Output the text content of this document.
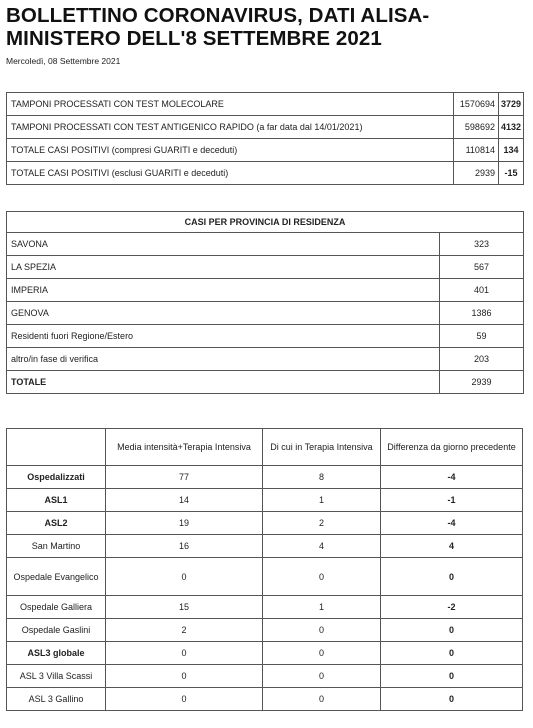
BOLLETTINO CORONAVIRUS, DATI ALISA-
MINISTERO DELL'8 SETTEMBRE 2021
Mercoledì, 08 Settembre 2021
TAMPONI PROCESSATI CON TEST MOLECOLARE	1570694	3729
TAMPONI PROCESSATI CON TEST ANTIGENICO RAPIDO (a far data dal 14/01/2021)	598692	4132
TOTALE CASI POSITIVI (compresi GUARITI e deceduti)	110814	134
TOTALE CASI POSITIVI (esclusi GUARITI e deceduti)	2939	-15
CASI PER PROVINCIA DI RESIDENZA	
SAVONA	323
LA SPEZIA	567
IMPERIA	401
GENOVA	1386
Residenti fuori Regione/Estero	59
altro/in fase di verifica	203
TOTALE	2939
	Media intensità+Terapia Intensiva	Di cui in Terapia Intensiva	Differenza da giorno precedente
Ospedalizzati	77	8	-4
ASL1	14	1	-1
ASL2	19	2	-4
San Martino	16	4	4
Ospedale Evangelico	0	0	0
Ospedale Galliera	15	1	-2
Ospedale Gaslini	2	0	0
ASL3 globale	0	0	0
ASL 3 Villa Scassi	0	0	0
ASL 3 Gallino	0	0	0
